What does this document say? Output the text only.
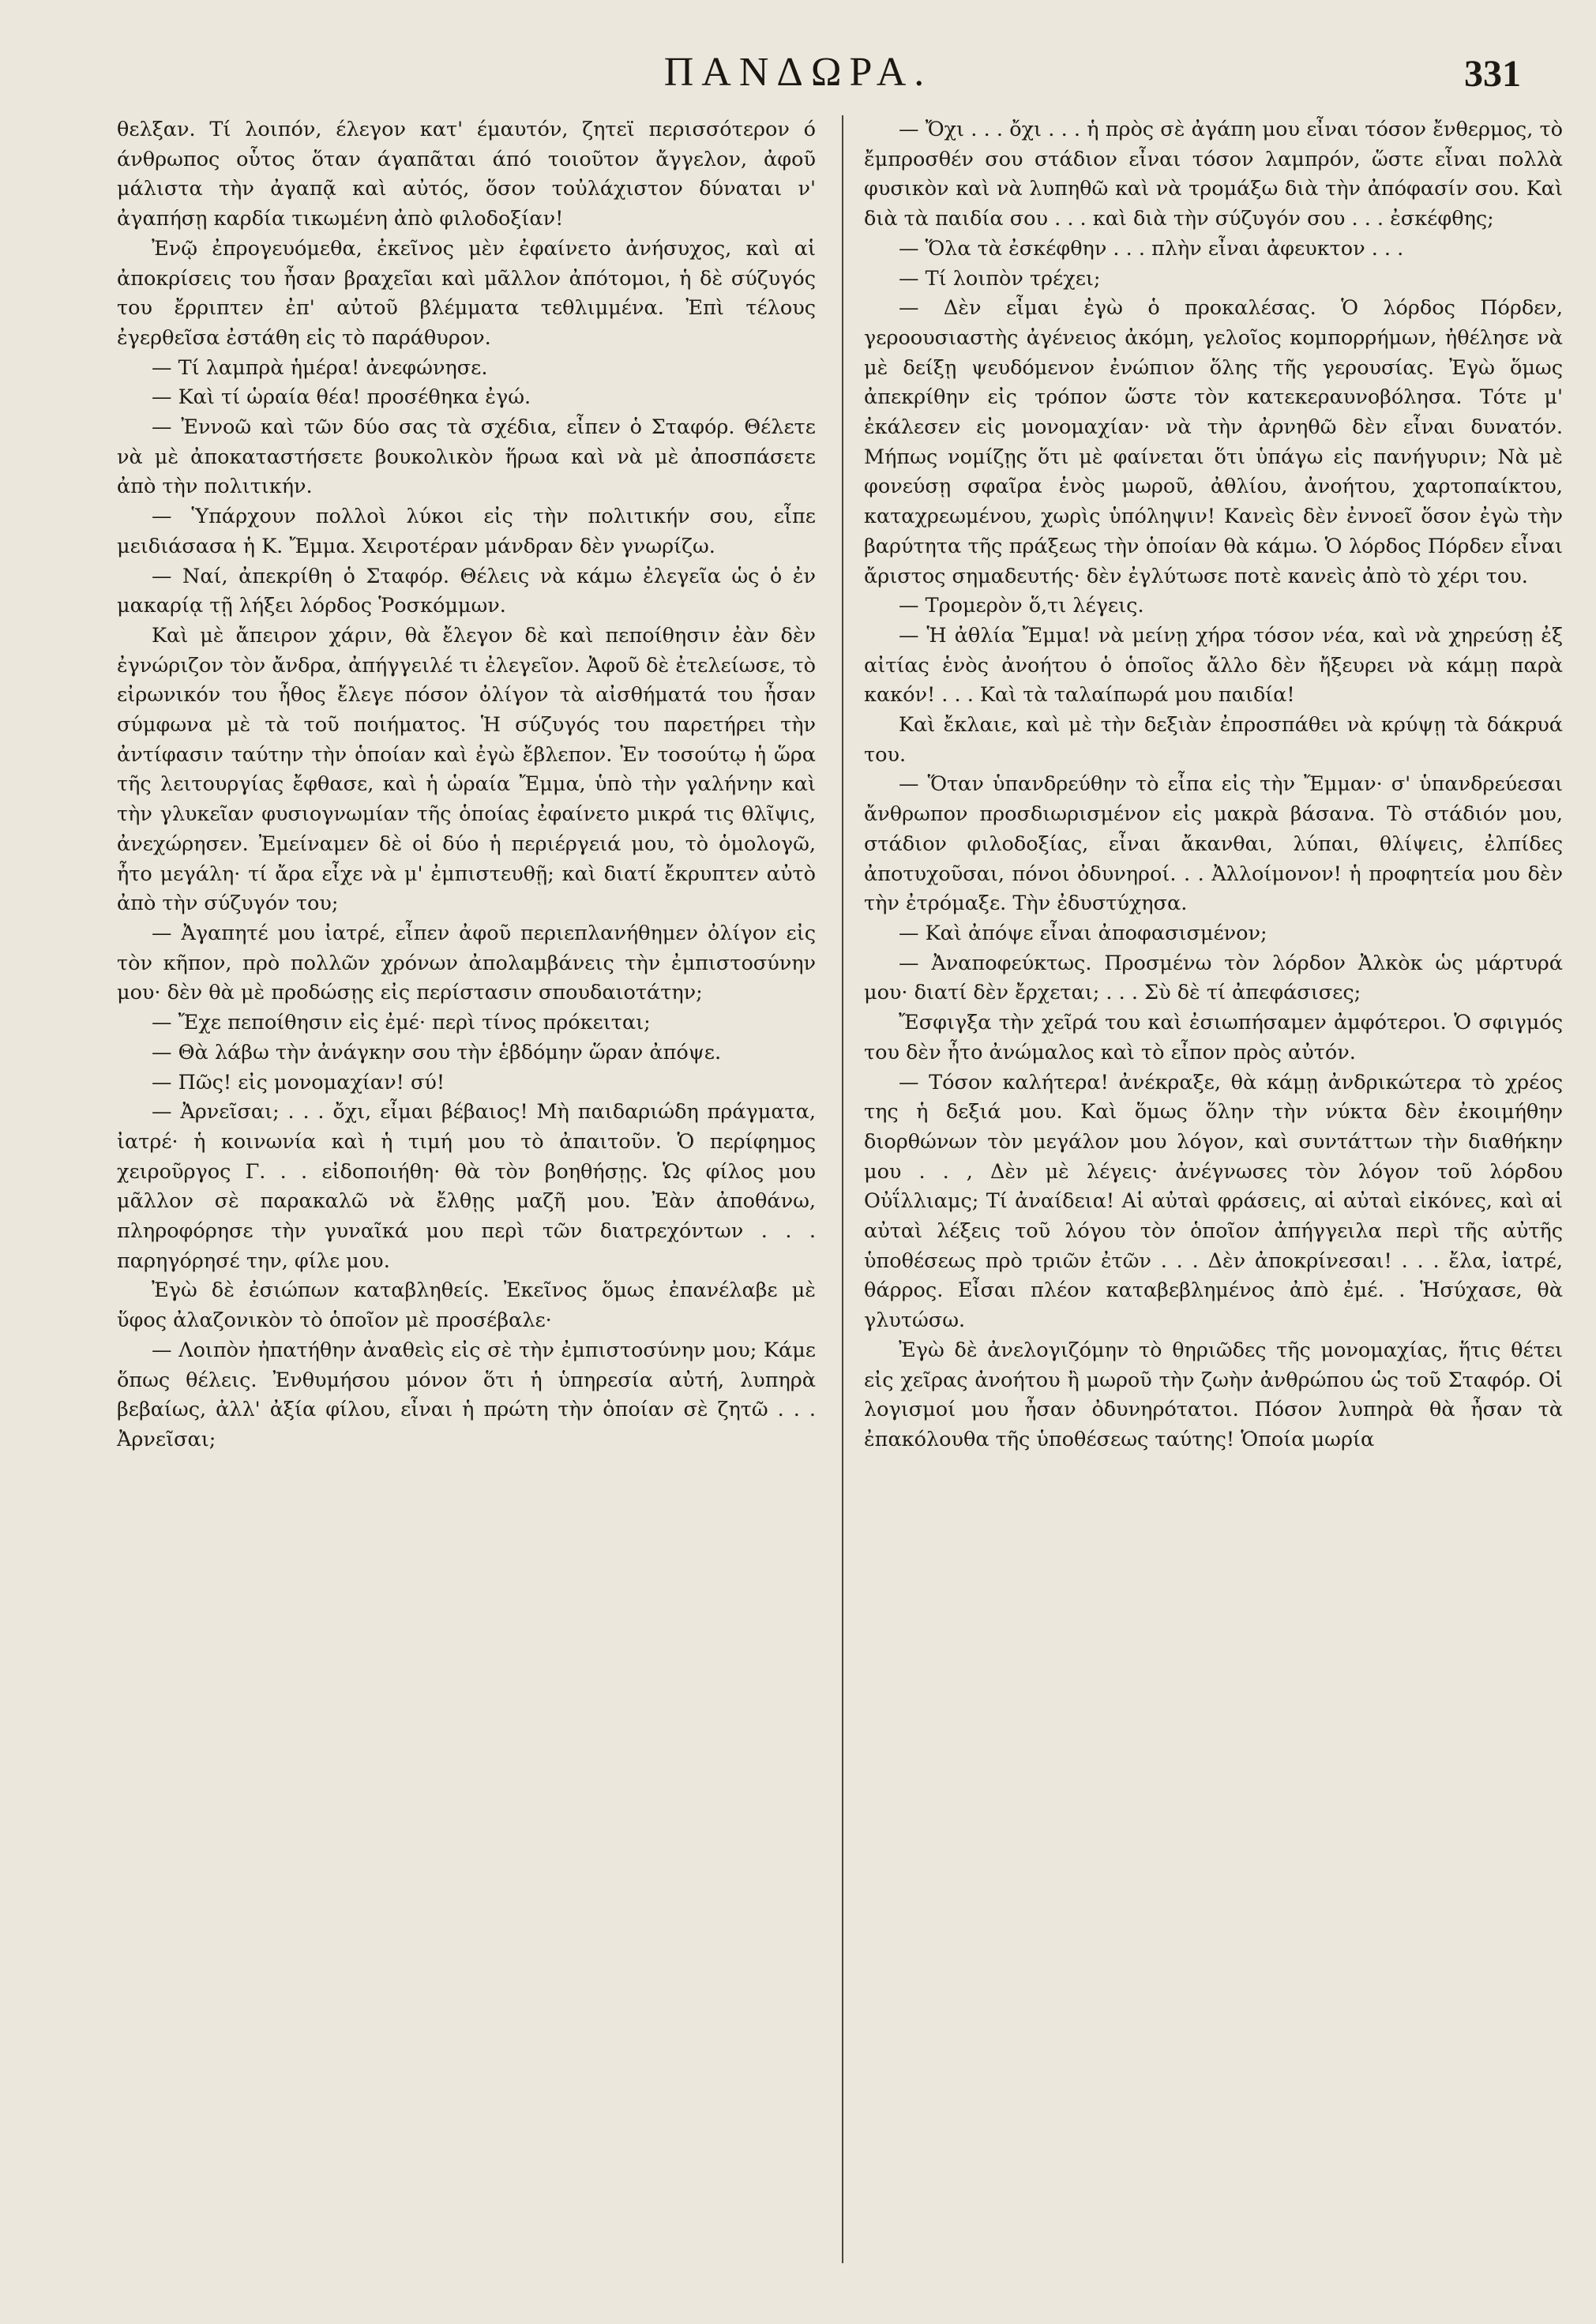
ΠΑΝΔΩΡΑ.	331

θελξαν. Τί λοιπόν, έλεγον κατ' έμαυτόν, ζητεϊ περισσότερον ό άνθρωπος οὗτος ὅταν άγαπᾶται άπό τοιοῦτον ἄγγελον, ἀφοῦ μάλιστα τὴν ἀγαπᾷ καὶ αὐτός, ὅσον τοὐλάχιστον δύναται ν' ἀγαπήσῃ καρδία τικωμένη ἀπὸ φιλοδοξίαν!

Ἐνῷ ἐπρογευόμεθα, ἐκεῖνος μὲν ἐφαίνετο ἀνήσυχος, καὶ αἱ ἀποκρίσεις του ἦσαν βραχεῖαι καὶ μᾶλλον ἀπότομοι, ἡ δὲ σύζυγός του ἔρριπτεν ἐπ' αὐτοῦ βλέμματα τεθλιμμένα. Ἐπὶ τέλους ἐγερθεῖσα ἐστάθη εἰς τὸ παράθυρον.

— Τί λαμπρὰ ἡμέρα! ἀνεφώνησε.

— Καὶ τί ὡραία θέα! προσέθηκα ἐγώ.

— Ἐννοῶ καὶ τῶν δύο σας τὰ σχέδια, εἶπεν ὁ Σταφόρ. Θέλετε νὰ μὲ ἀποκαταστήσετε βουκολικὸν ἥρωα καὶ νὰ μὲ ἀποσπάσετε ἀπὸ τὴν πολιτικήν.

— Ὑπάρχουν πολλοὶ λύκοι εἰς τὴν πολιτικήν σου, εἶπε μειδιάσασα ἡ Κ. Ἔμμα. Χειροτέραν μάνδραν δὲν γνωρίζω.

— Ναί, ἀπεκρίθη ὁ Σταφόρ. Θέλεις νὰ κάμω ἐλεγεῖα ὡς ὁ ἐν μακαρίᾳ τῇ λήξει λόρδος Ῥοσκόμμων.

Καὶ μὲ ἄπειρον χάριν, θὰ ἔλεγον δὲ καὶ πεποίθησιν ἐὰν δὲν ἐγνώριζον τὸν ἄνδρα, ἀπήγγειλέ τι ἐλεγεῖον. Ἀφοῦ δὲ ἐτελείωσε, τὸ εἰρωνικόν του ἦθος ἔλεγε πόσον ὀλίγον τὰ αἰσθήματά του ἦσαν σύμφωνα μὲ τὰ τοῦ ποιήματος. Ἡ σύζυγός του παρετήρει τὴν ἀντίφασιν ταύτην τὴν ὁποίαν καὶ ἐγὼ ἔβλεπον. Ἐν τοσούτῳ ἡ ὥρα τῆς λειτουργίας ἔφθασε, καὶ ἡ ὡραία Ἔμμα, ὑπὸ τὴν γαλήνην καὶ τὴν γλυκεῖαν φυσιογνωμίαν τῆς ὁποίας ἐφαίνετο μικρά τις θλῖψις, ἀνεχώρησεν. Ἐμείναμεν δὲ οἱ δύο ἡ περιέργειά μου, τὸ ὁμολογῶ, ἦτο μεγάλη· τί ἄρα εἶχε νὰ μ' ἐμπιστευθῇ; καὶ διατί ἔκρυπτεν αὐτὸ ἀπὸ τὴν σύζυγόν του;

— Ἀγαπητέ μου ἰατρέ, εἶπεν ἀφοῦ περιεπλανήθημεν ὀλίγον εἰς τὸν κῆπον, πρὸ πολλῶν χρόνων ἀπολαμβάνεις τὴν ἐμπιστοσύνην μου· δὲν θὰ μὲ προδώσῃς εἰς περίστασιν σπουδαιοτάτην;

— Ἔχε πεποίθησιν εἰς ἐμέ· περὶ τίνος πρόκειται;

— Θὰ λάβω τὴν ἀνάγκην σου τὴν ἑβδόμην ὥραν ἀπόψε.

— Πῶς! εἰς μονομαχίαν! σύ!

— Ἀρνεῖσαι; . . . ὄχι, εἶμαι βέβαιος! Μὴ παιδαριώδη πράγματα, ἰατρέ· ἡ κοινωνία καὶ ἡ τιμή μου τὸ ἀπαιτοῦν. Ὁ περίφημος χειροῦργος Γ. . . εἰδοποιήθη· θὰ τὸν βοηθήσῃς. Ὡς φίλος μου μᾶλλον σὲ παρακαλῶ νὰ ἔλθῃς μαζῆ μου. Ἐὰν ἀποθάνω, πληροφόρησε τὴν γυναῖκά μου περὶ τῶν διατρεχόντων . . . παρηγόρησέ την, φίλε μου.

Ἐγὼ δὲ ἐσιώπων καταβληθείς. Ἐκεῖνος ὅμως ἐπανέλαβε μὲ ὕφος ἀλαζονικὸν τὸ ὁποῖον μὲ προσέβαλε·

— Λοιπὸν ἠπατήθην ἀναθεὶς εἰς σὲ τὴν ἐμπιστοσύνην μου; Κάμε ὅπως θέλεις. Ἐνθυμήσου μόνον ὅτι ἡ ὑπηρεσία αὐτή, λυπηρὰ βεβαίως, ἀλλ' ἀξία φίλου, εἶναι ἡ πρώτη τὴν ὁποίαν σὲ ζητῶ . . . Ἀρνεῖσαι;

— Ὄχι . . . ὄχι . . . ἡ πρὸς σὲ ἀγάπη μου εἶναι τόσον ἔνθερμος, τὸ ἔμπροσθέν σου στάδιον εἶναι τόσον λαμπρόν, ὥστε εἶναι πολλὰ φυσικὸν καὶ νὰ λυπηθῶ καὶ νὰ τρομάξω διὰ τὴν ἀπόφασίν σου. Καὶ διὰ τὰ παιδία σου . . . καὶ διὰ τὴν σύζυγόν σου . . . ἐσκέφθης;

— Ὅλα τὰ ἐσκέφθην . . . πλὴν εἶναι ἀφευκτον . . .

— Τί λοιπὸν τρέχει;

— Δὲν εἶμαι ἐγὼ ὁ προκαλέσας. Ὁ λόρδος Πόρδεν, γεροουσιαστὴς ἀγένειος ἀκόμη, γελοῖος κομπορρήμων, ἠθέλησε νὰ μὲ δείξῃ ψευδόμενον ἐνώπιον ὅλης τῆς γερουσίας. Ἐγὼ ὅμως ἀπεκρίθην εἰς τρόπον ὥστε τὸν κατεκεραυνοβόλησα. Τότε μ' ἐκάλεσεν εἰς μονομαχίαν· νὰ τὴν ἀρνηθῶ δὲν εἶναι δυνατόν. Μήπως νομίζῃς ὅτι μὲ φαίνεται ὅτι ὑπάγω εἰς πανήγυριν; Νὰ μὲ φονεύσῃ σφαῖρα ἑνὸς μωροῦ, ἀθλίου, ἀνοήτου, χαρτοπαίκτου, καταχρεωμένου, χωρὶς ὑπόληψιν! Κανεὶς δὲν ἐννοεῖ ὅσον ἐγὼ τὴν βαρύτητα τῆς πράξεως τὴν ὁποίαν θὰ κάμω. Ὁ λόρδος Πόρδεν εἶναι ἄριστος σημαδευτής· δὲν ἐγλύτωσε ποτὲ κανεὶς ἀπὸ τὸ χέρι του.

— Τρομερὸν ὅ,τι λέγεις.

— Ἡ ἀθλία Ἔμμα! νὰ μείνῃ χήρα τόσον νέα, καὶ νὰ χηρεύσῃ ἐξ αἰτίας ἑνὸς ἀνοήτου ὁ ὁποῖος ἄλλο δὲν ἤξευρει νὰ κάμῃ παρὰ κακόν! . . . Καὶ τὰ ταλαίπωρά μου παιδία!

Καὶ ἔκλαιε, καὶ μὲ τὴν δεξιὰν ἐπροσπάθει νὰ κρύψῃ τὰ δάκρυά του.

— Ὅταν ὑπανδρεύθην τὸ εἶπα εἰς τὴν Ἔμμαν· σ' ὑπανδρεύεσαι ἄνθρωπον προσδιωρισμένον εἰς μακρὰ βάσανα. Τὸ στάδιόν μου, στάδιον φιλοδοξίας, εἶναι ἄκανθαι, λύπαι, θλίψεις, ἐλπίδες ἀποτυχοῦσαι, πόνοι ὀδυνηροί. . . Ἀλλοίμονον! ἡ προφητεία μου δὲν τὴν ἐτρόμαξε. Τὴν ἐδυστύχησα.

— Καὶ ἀπόψε εἶναι ἀποφασισμένον;

— Ἀναποφεύκτως. Προσμένω τὸν λόρδον Ἀλκὸκ ὡς μάρτυρά μου· διατί δὲν ἔρχεται; . . . Σὺ δὲ τί ἀπεφάσισες;

Ἔσφιγξα τὴν χεῖρά του καὶ ἐσιωπήσαμεν ἀμφότεροι. Ὁ σφιγμός του δὲν ἦτο ἀνώμαλος καὶ τὸ εἶπον πρὸς αὐτόν.

— Τόσον καλήτερα! ἀνέκραξε, θὰ κάμῃ ἀνδρικώτερα τὸ χρέος της ἡ δεξιά μου. Καὶ ὅμως ὅλην τὴν νύκτα δὲν ἐκοιμήθην διορθώνων τὸν μεγάλον μου λόγον, καὶ συντάττων τὴν διαθήκην μου . . , Δὲν μὲ λέγεις· ἀνέγνωσες τὸν λόγον τοῦ λόρδου Οὐΐλλιαμς; Τί ἀναίδεια! Αἱ αὐταὶ φράσεις, αἱ αὐταὶ εἰκόνες, καὶ αἱ αὐταὶ λέξεις τοῦ λόγου τὸν ὁποῖον ἀπήγγειλα περὶ τῆς αὐτῆς ὑποθέσεως πρὸ τριῶν ἐτῶν . . . Δὲν ἀποκρίνεσαι! . . . ἔλα, ἰατρέ, θάρρος. Εἶσαι πλέον καταβεβλημένος ἀπὸ ἐμέ. . Ἡσύχασε, θὰ γλυτώσω.

Ἐγὼ δὲ ἀνελογιζόμην τὸ θηριῶδες τῆς μονομαχίας, ἥτις θέτει εἰς χεῖρας ἀνοήτου ἢ μωροῦ τὴν ζωὴν ἀνθρώπου ὡς τοῦ Σταφόρ. Οἱ λογισμοί μου ἦσαν ὀδυνηρότατοι. Πόσον λυπηρὰ θὰ ἦσαν τὰ ἐπακόλουθα τῆς ὑποθέσεως ταύτης! Ὁποία μωρία
